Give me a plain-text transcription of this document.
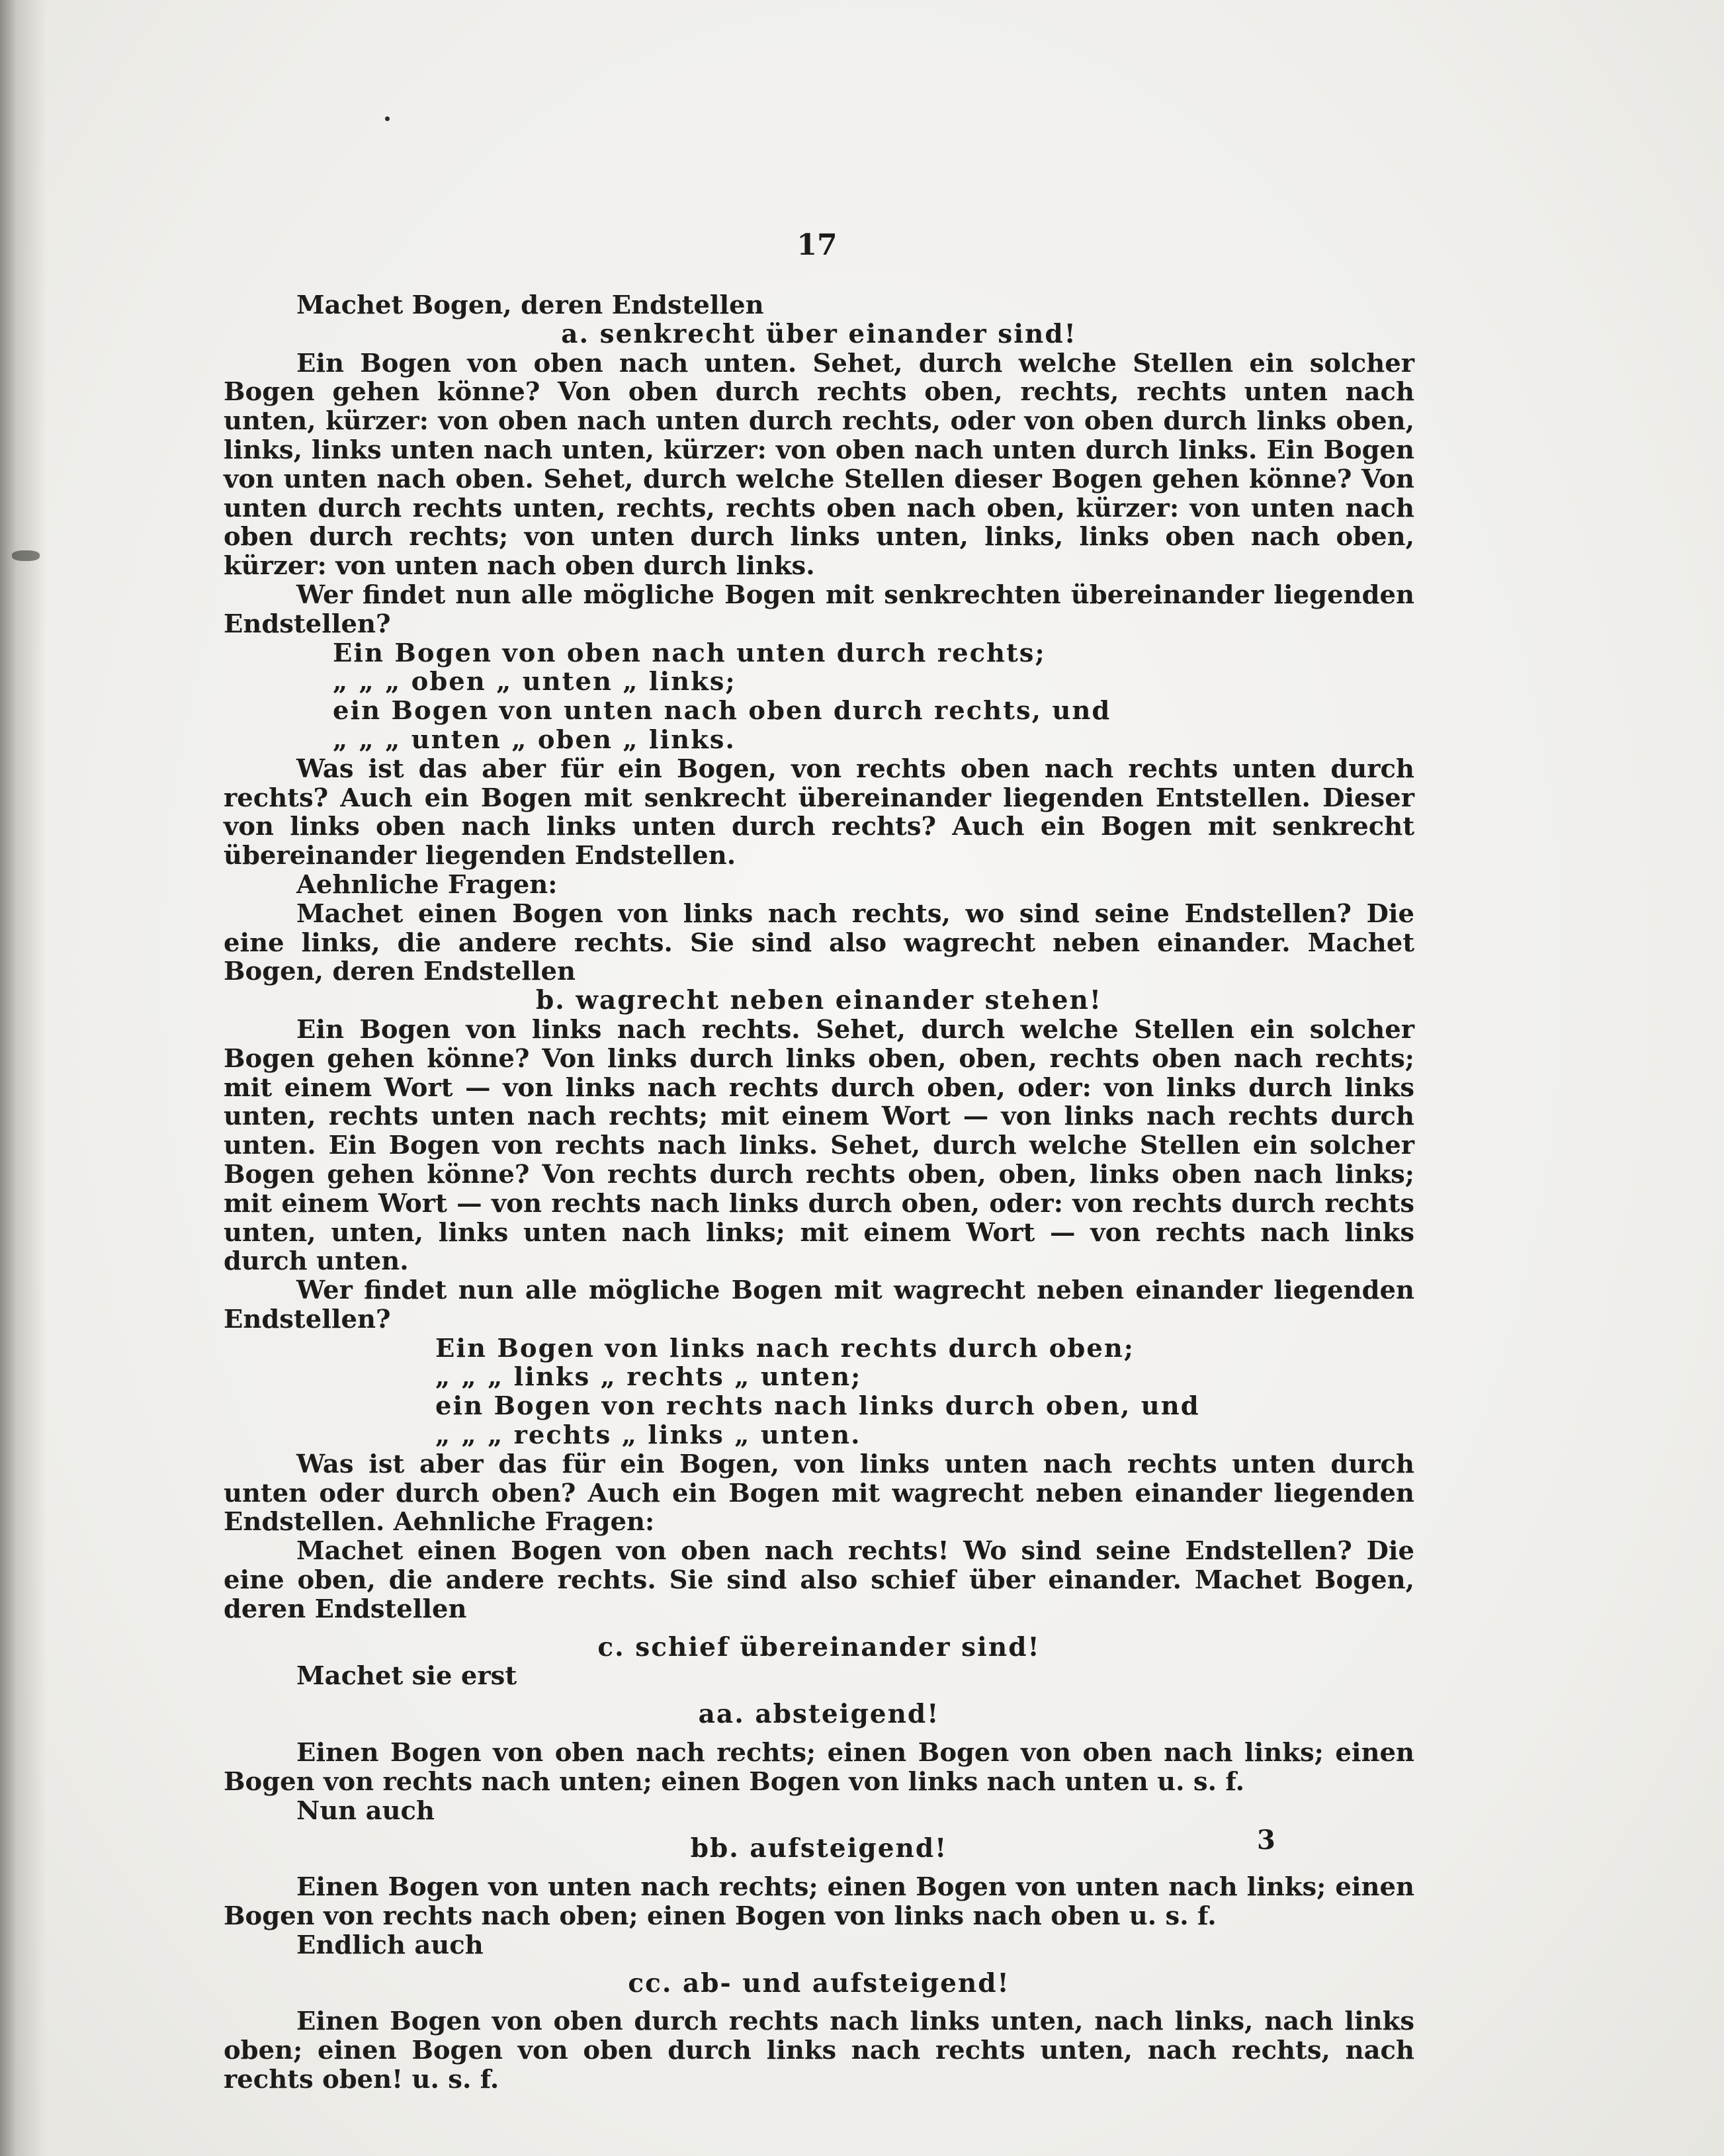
17

Machet Bogen, deren Endstellen

a. senkrecht über einander sind!

Ein Bogen von oben nach unten. Sehet, durch welche Stellen ein solcher Bogen gehen könne? Von oben durch rechts oben, rechts, rechts unten nach unten, kürzer: von oben nach unten durch rechts, oder von oben durch links oben, links, links unten nach unten, kürzer: von oben nach unten durch links. Ein Bogen von unten nach oben. Sehet, durch welche Stellen dieser Bogen gehen könne? Von unten durch rechts unten, rechts, rechts oben nach oben, kürzer: von unten nach oben durch rechts; von unten durch links unten, links, links oben nach oben, kürzer: von unten nach oben durch links.

Wer findet nun alle mögliche Bogen mit senkrechten übereinander liegenden Endstellen?

Ein Bogen von oben nach unten durch rechts;

„ „ „ oben „ unten „ links;

ein Bogen von unten nach oben durch rechts, und

„ „ „ unten „ oben „ links.

Was ist das aber für ein Bogen, von rechts oben nach rechts unten durch rechts? Auch ein Bogen mit senkrecht übereinander liegenden Entstellen. Dieser von links oben nach links unten durch rechts? Auch ein Bogen mit senkrecht übereinander liegenden Endstellen.

Aehnliche Fragen:

Machet einen Bogen von links nach rechts, wo sind seine Endstellen? Die eine links, die andere rechts. Sie sind also wagrecht neben einander. Machet Bogen, deren Endstellen

b. wagrecht neben einander stehen!

Ein Bogen von links nach rechts. Sehet, durch welche Stellen ein solcher Bogen gehen könne? Von links durch links oben, oben, rechts oben nach rechts; mit einem Wort — von links nach rechts durch oben, oder: von links durch links unten, rechts unten nach rechts; mit einem Wort — von links nach rechts durch unten. Ein Bogen von rechts nach links. Sehet, durch welche Stellen ein solcher Bogen gehen könne? Von rechts durch rechts oben, oben, links oben nach links; mit einem Wort — von rechts nach links durch oben, oder: von rechts durch rechts unten, unten, links unten nach links; mit einem Wort — von rechts nach links durch unten.

Wer findet nun alle mögliche Bogen mit wagrecht neben einander liegenden Endstellen?

Ein Bogen von links nach rechts durch oben;

„ „ „ links „ rechts „ unten;

ein Bogen von rechts nach links durch oben, und

„ „ „ rechts „ links „ unten.

Was ist aber das für ein Bogen, von links unten nach rechts unten durch unten oder durch oben? Auch ein Bogen mit wagrecht neben einander liegenden Endstellen. Aehnliche Fragen:

Machet einen Bogen von oben nach rechts! Wo sind seine Endstellen? Die eine oben, die andere rechts. Sie sind also schief über einander. Machet Bogen, deren Endstellen

c. schief übereinander sind!

Machet sie erst

aa. absteigend!

Einen Bogen von oben nach rechts; einen Bogen von oben nach links; einen Bogen von rechts nach unten; einen Bogen von links nach unten u. s. f.

Nun auch

bb. aufsteigend!

Einen Bogen von unten nach rechts; einen Bogen von unten nach links; einen Bogen von rechts nach oben; einen Bogen von links nach oben u. s. f.

Endlich auch

cc. ab- und aufsteigend!

Einen Bogen von oben durch rechts nach links unten, nach links, nach links oben; einen Bogen von oben durch links nach rechts unten, nach rechts, nach rechts oben! u. s. f.

3
